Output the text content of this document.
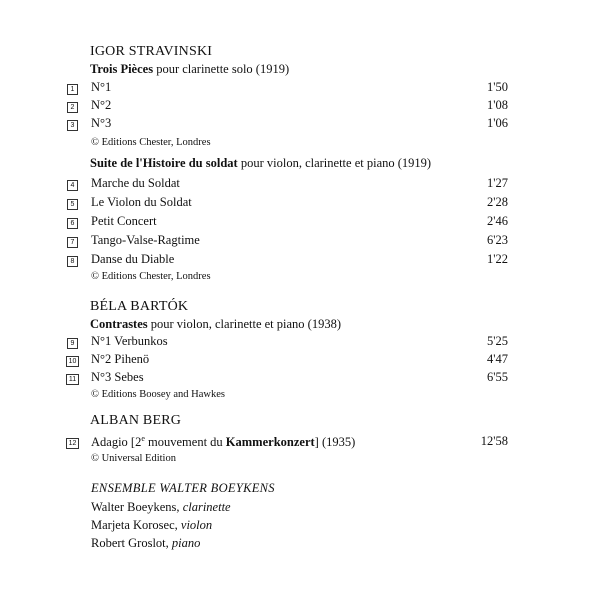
IGOR STRAVINSKI
Trois Pièces pour clarinette solo (1919)
1 N°1	1'50
2 N°2	1'08
3 N°3	1'06
© Editions Chester, Londres
Suite de l'Histoire du soldat pour violon, clarinette et piano (1919)
4 Marche du Soldat	1'27
5 Le Violon du Soldat	2'28
6 Petit Concert	2'46
7 Tango-Valse-Ragtime	6'23
8 Danse du Diable	1'22
© Editions Chester, Londres
BÉLA BARTÓK
Contrastes pour violon, clarinette et piano (1938)
9 N°1 Verbunkos	5'25
10 N°2 Pihenö	4'47
11 N°3 Sebes	6'55
© Editions Boosey and Hawkes
ALBAN BERG
12 Adagio [2e mouvement du Kammerkonzert] (1935)	12'58
© Universal Edition
ENSEMBLE WALTER BOEYKENS
Walter Boeykens, clarinette
Marjeta Korosec, violon
Robert Groslot, piano
